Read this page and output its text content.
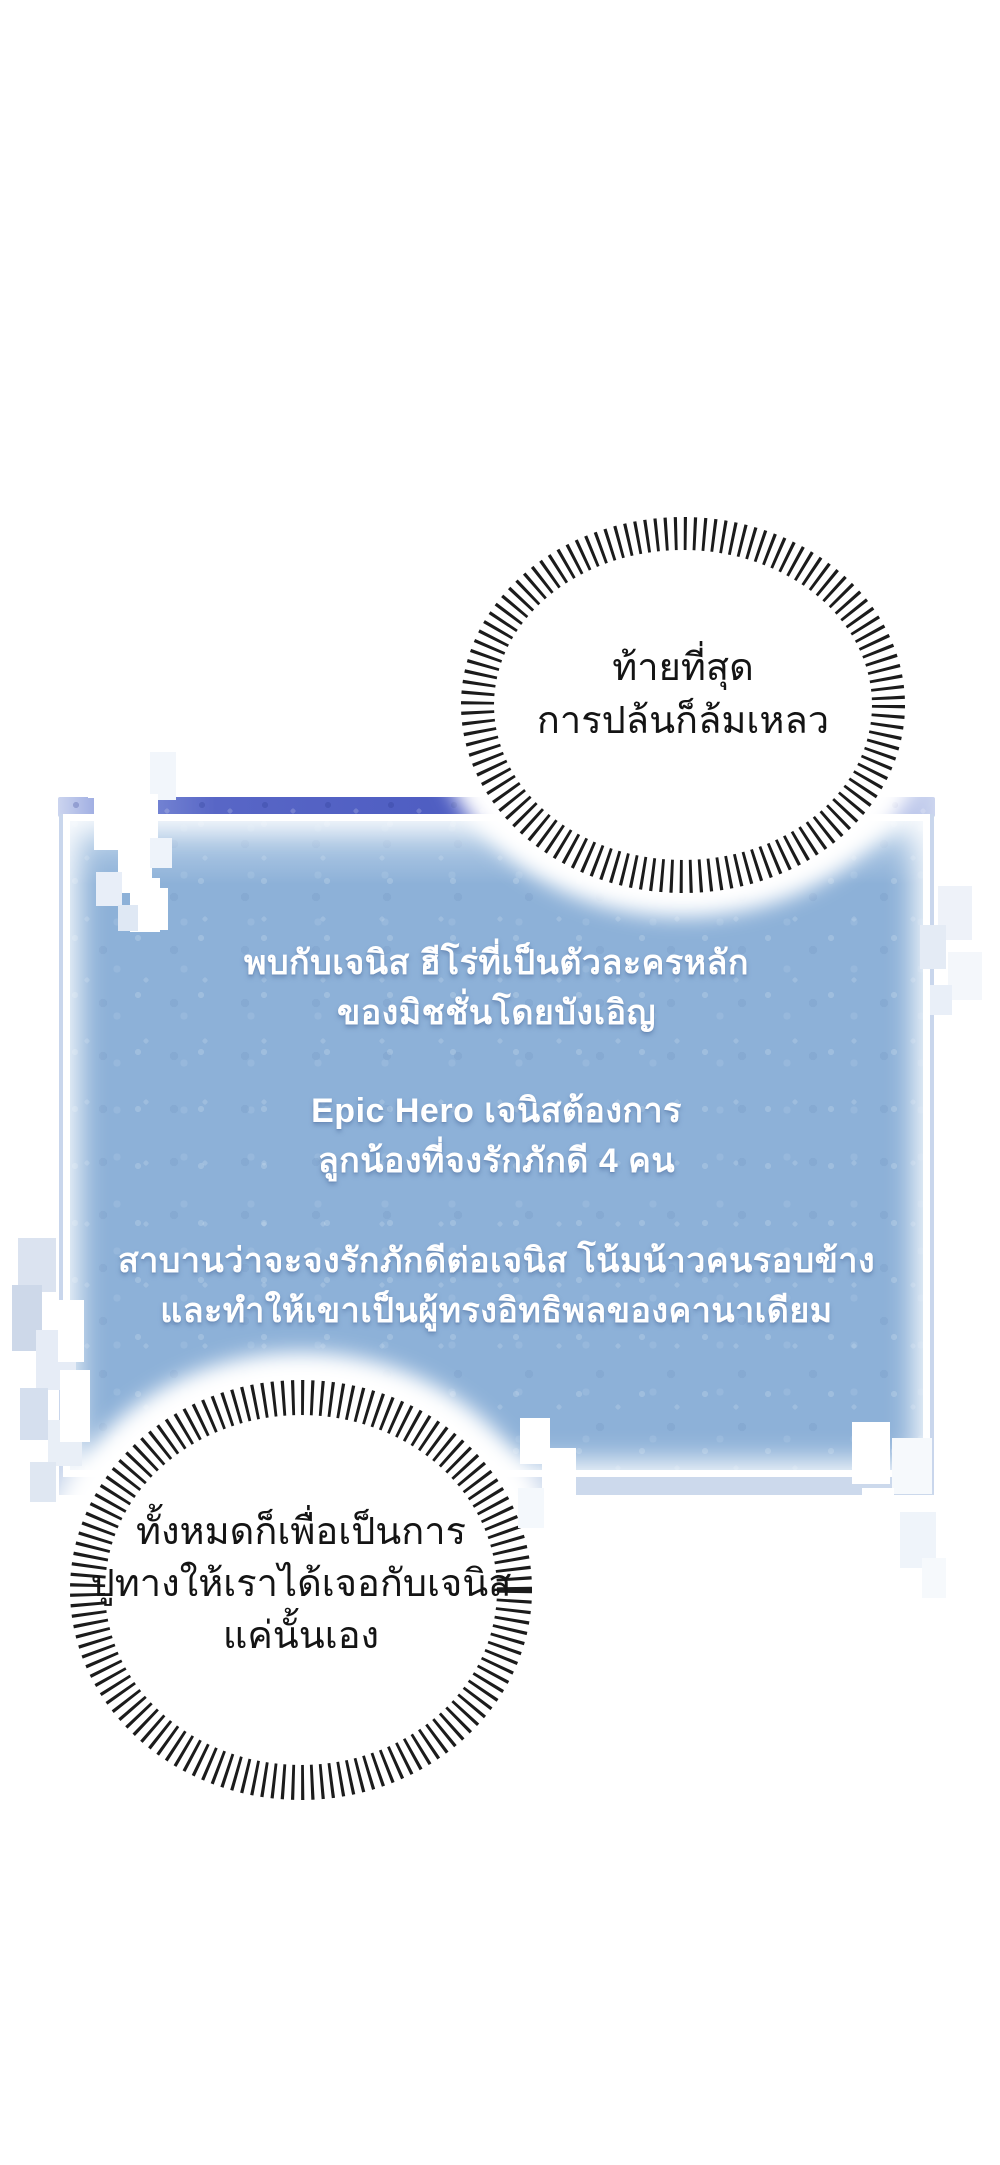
พบกับเจนิส ฮีโร่ที่เป็นตัวละครหลัก
ของมิชชั่นโดยบังเอิญ
Epic Hero เจนิสต้องการ
ลูกน้องที่จงรักภักดี 4 คน
สาบานว่าจะจงรักภักดีต่อเจนิส โน้มน้าวคนรอบข้าง
และทำให้เขาเป็นผู้ทรงอิทธิพลของคานาเดียม
ท้ายที่สุด
การปล้นก็ล้มเหลว
ทั้งหมดก็เพื่อเป็นการ
ปูทางให้เราได้เจอกับเจนิส
แค่นั้นเอง
